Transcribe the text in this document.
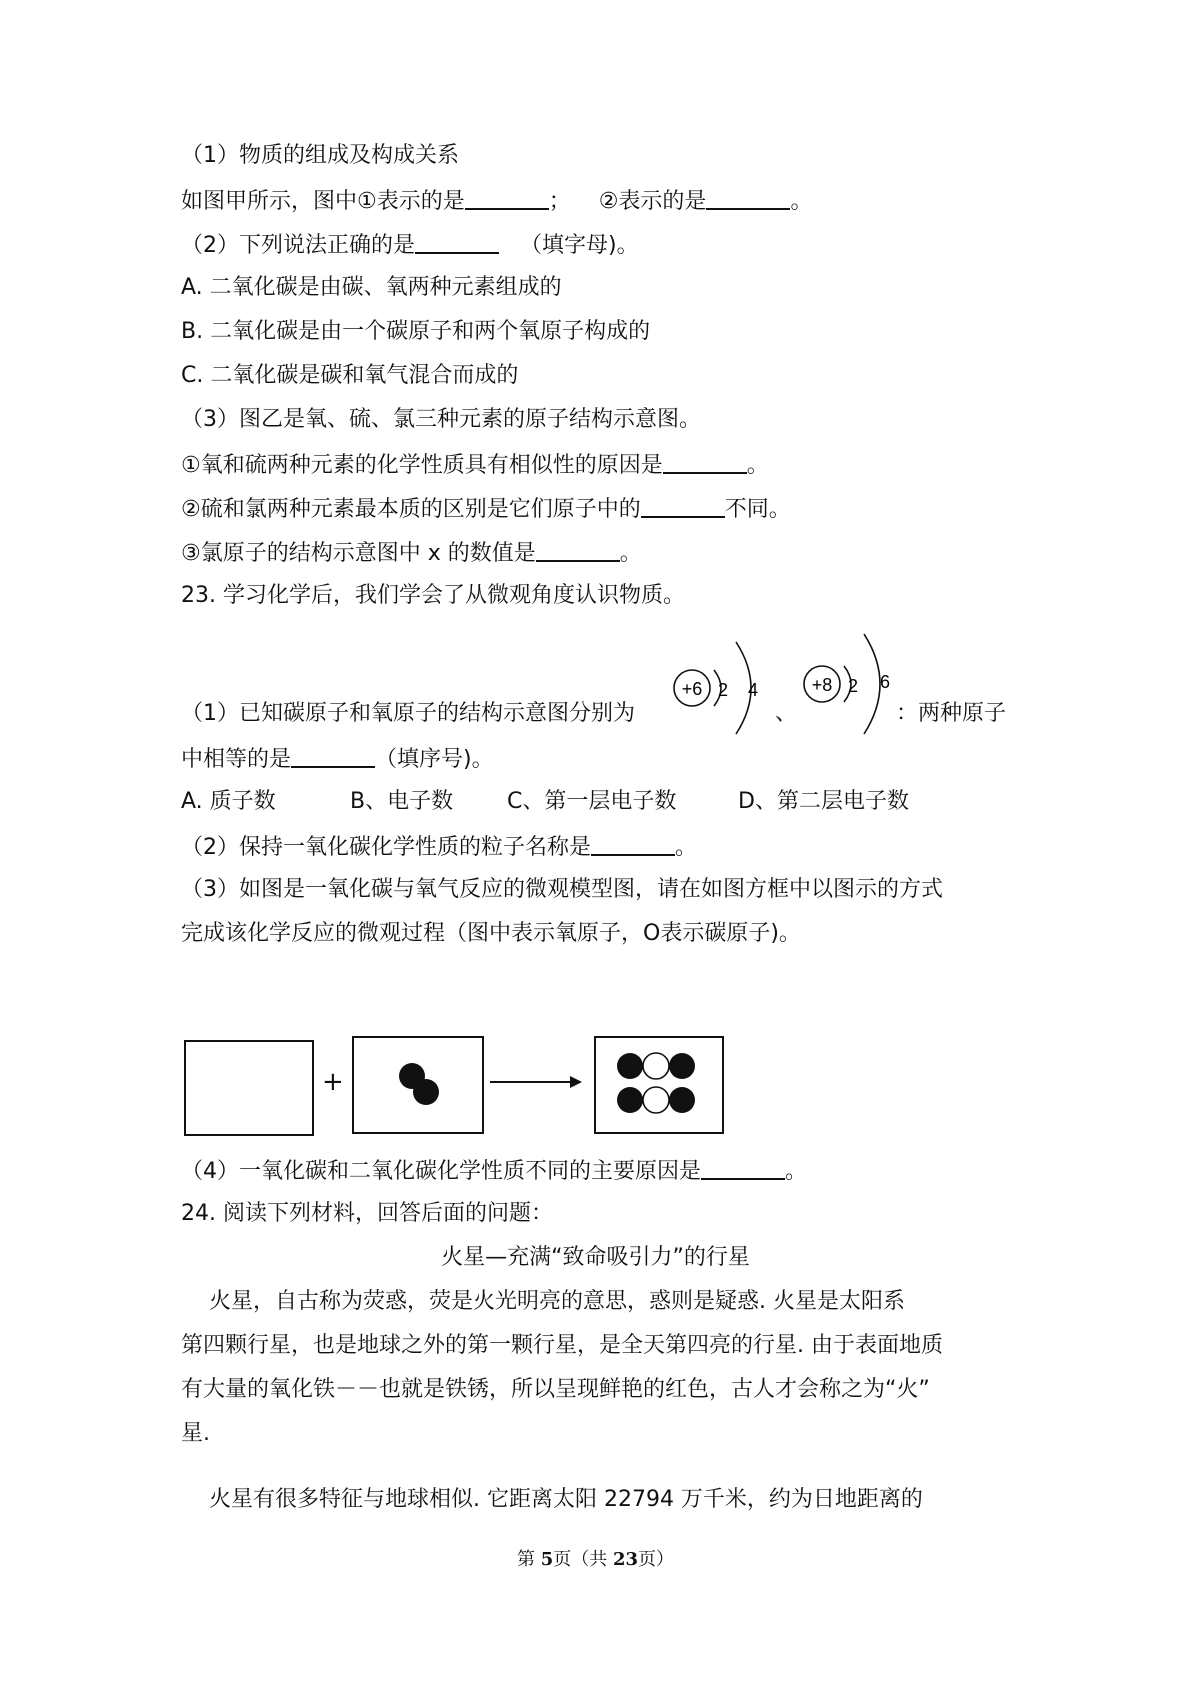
（1）物质的组成及构成关系
如图甲所示，图中①表示的是	；    ②表示的是	。
（2）下列说法正确的是	（填字母)。
A. 二氧化碳是由碳、氧两种元素组成的
B. 二氧化碳是由一个碳原子和两个氧原子构成的
C. 二氧化碳是碳和氧气混合而成的
（3）图乙是氧、硫、氯三种元素的原子结构示意图。
①氧和硫两种元素的化学性质具有相似性的原因是	。
②硫和氯两种元素最本质的区别是它们原子中的	不同。
③氯原子的结构示意图中 x 的数值是	。
23. 学习化学后，我们学会了从微观角度认识物质。
+6 2 4	+8 2 6
（1）已知碳原子和氧原子的结构示意图分别为	、	：两种原子
中相等的是	（填序号)。
A. 质子数	B、电子数 C、第一层电子数	D、第二层电子数
（2）保持一氧化碳化学性质的粒子名称是	。
（3）如图是一氧化碳与氧气反应的微观模型图，请在如图方框中以图示的方式
完成该化学反应的微观过程（图中表示氧原子，O表示碳原子)。
+
（4）一氧化碳和二氧化碳化学性质不同的主要原因是	。
24. 阅读下列材料，回答后面的问题：
火星—充满“致命吸引力”的行星
火星，自古称为荧惑，荧是火光明亮的意思，惑则是疑惑. 火星是太阳系
第四颗行星，也是地球之外的第一颗行星，是全天第四亮的行星. 由于表面地质
有大量的氧化铁－－也就是铁锈，所以呈现鲜艳的红色，古人才会称之为“火”
星.
火星有很多特征与地球相似. 它距离太阳 22794 万千米，约为日地距离的
第 5页（共 23页）
